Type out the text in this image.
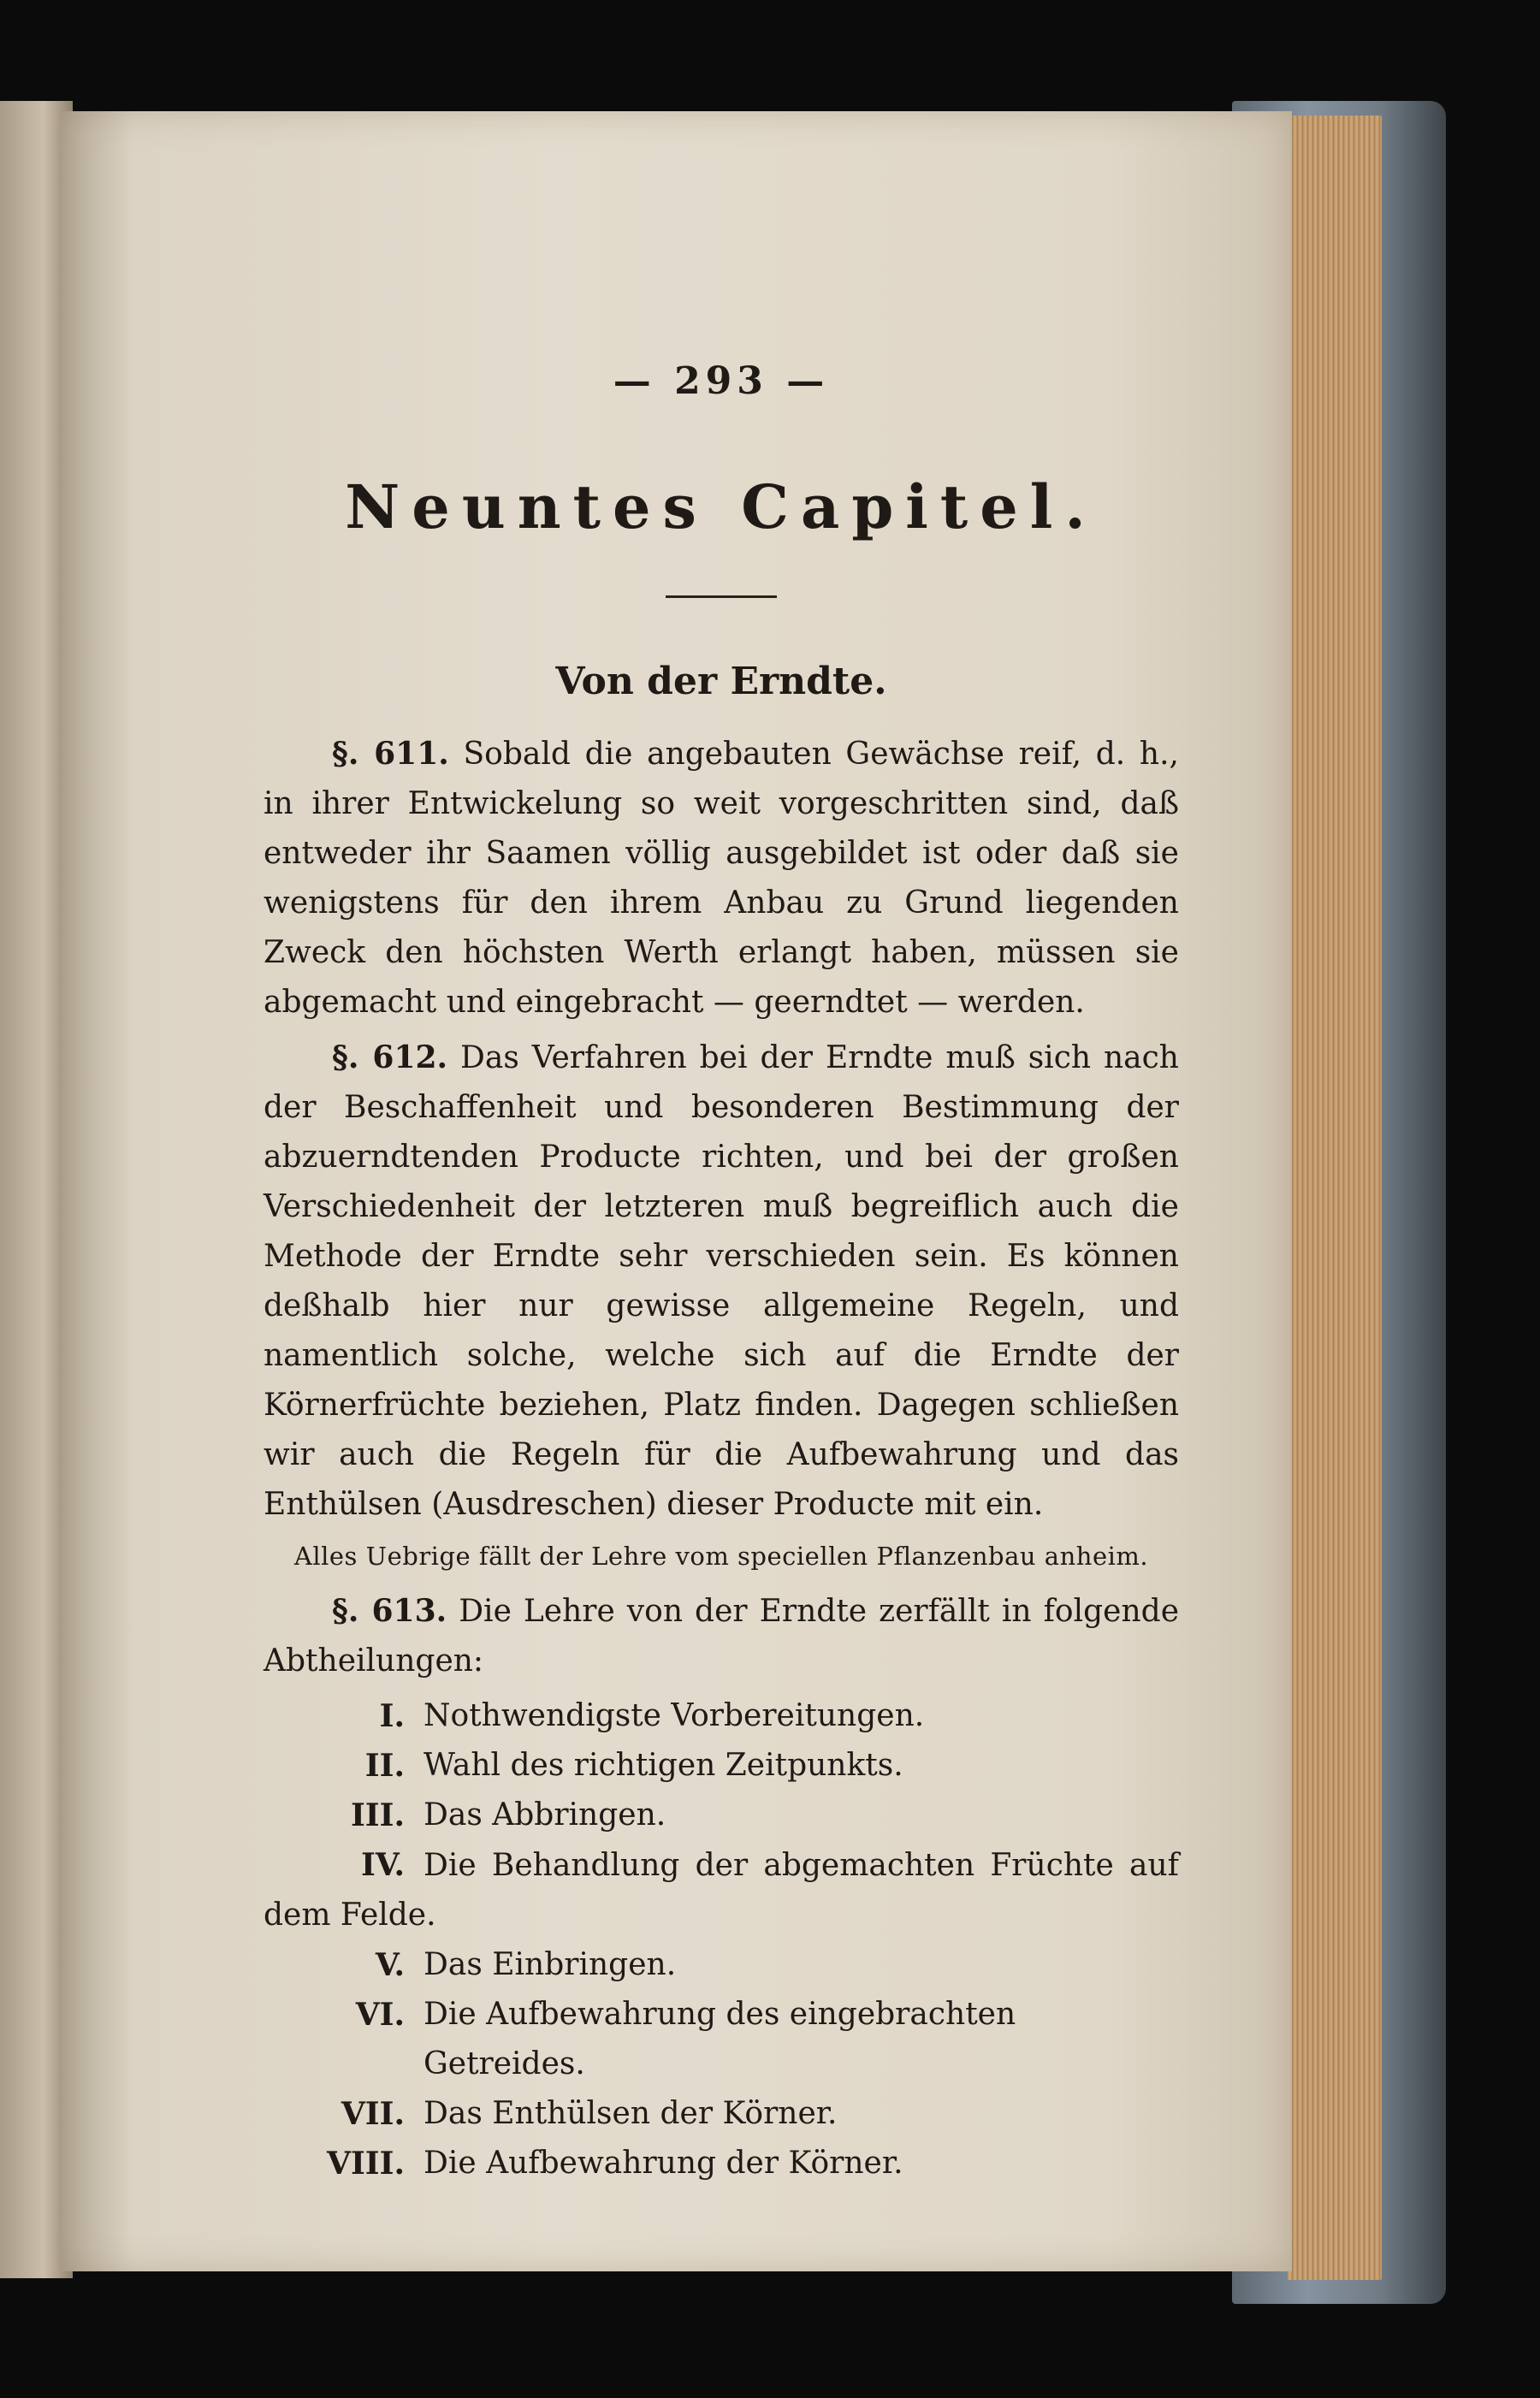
— 293 —
Neuntes Capitel.
Von der Erndte.

§. 611. Sobald die angebauten Gewächse reif, d. h., in ihrer Entwickelung so weit vorgeschritten sind, daß entweder ihr Saamen völlig ausgebildet ist oder daß sie wenigstens für den ihrem Anbau zu Grund liegenden Zweck den höchsten Werth erlangt haben, müssen sie abgemacht und eingebracht — geerndtet — werden.

§. 612. Das Verfahren bei der Erndte muß sich nach der Beschaffenheit und besonderen Bestimmung der abzuerndtenden Producte richten, und bei der großen Verschiedenheit der letzteren muß begreiflich auch die Methode der Erndte sehr verschieden sein. Es können deßhalb hier nur gewisse allgemeine Regeln, und namentlich solche, welche sich auf die Erndte der Körnerfrüchte beziehen, Platz finden. Dagegen schließen wir auch die Regeln für die Aufbewahrung und das Enthülsen (Ausdreschen) dieser Producte mit ein.

Alles Uebrige fällt der Lehre vom speciellen Pflanzenbau anheim.

§. 613. Die Lehre von der Erndte zerfällt in folgende Abtheilungen:

I. Nothwendigste Vorbereitungen.
II. Wahl des richtigen Zeitpunkts.
III. Das Abbringen.
IV. Die Behandlung der abgemachten Früchte auf dem Felde.
V. Das Einbringen.
VI. Die Aufbewahrung des eingebrachten Getreides.
VII. Das Enthülsen der Körner.
VIII. Die Aufbewahrung der Körner.
